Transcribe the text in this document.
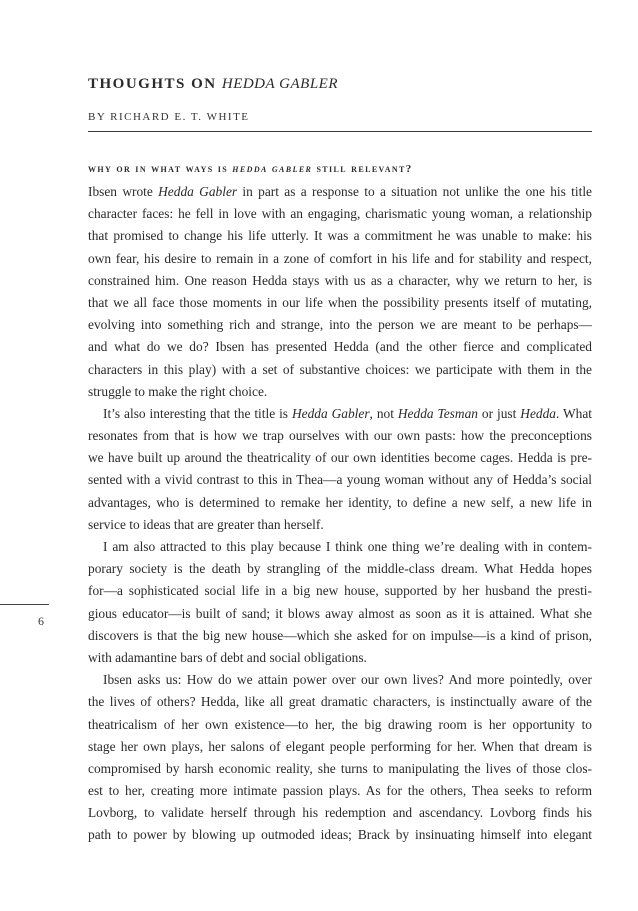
THOUGHTS ON HEDDA GABLER
BY RICHARD E. T. WHITE
why or in what ways is hedda gabler still relevant?
Ibsen wrote Hedda Gabler in part as a response to a situation not unlike the one his title
character faces: he fell in love with an engaging, charismatic young woman, a relationship
that promised to change his life utterly. It was a commitment he was unable to make: his
own fear, his desire to remain in a zone of comfort in his life and for stability and respect,
constrained him. One reason Hedda stays with us as a character, why we return to her, is
that we all face those moments in our life when the possibility presents itself of mutating,
evolving into something rich and strange, into the person we are meant to be perhaps—
and what do we do? Ibsen has presented Hedda (and the other fierce and complicated
characters in this play) with a set of substantive choices: we participate with them in the
struggle to make the right choice.
It’s also interesting that the title is Hedda Gabler, not Hedda Tesman or just Hedda. What
resonates from that is how we trap ourselves with our own pasts: how the preconceptions
we have built up around the theatricality of our own identities become cages. Hedda is pre-
sented with a vivid contrast to this in Thea—a young woman without any of Hedda’s social
advantages, who is determined to remake her identity, to define a new self, a new life in
service to ideas that are greater than herself.
I am also attracted to this play because I think one thing we’re dealing with in contem-
porary society is the death by strangling of the middle-class dream. What Hedda hopes
for—a sophisticated social life in a big new house, supported by her husband the presti-
gious educator—is built of sand; it blows away almost as soon as it is attained. What she
discovers is that the big new house—which she asked for on impulse—is a kind of prison,
with adamantine bars of debt and social obligations.
Ibsen asks us: How do we attain power over our own lives? And more pointedly, over
the lives of others? Hedda, like all great dramatic characters, is instinctually aware of the
theatricalism of her own existence—to her, the big drawing room is her opportunity to
stage her own plays, her salons of elegant people performing for her. When that dream is
compromised by harsh economic reality, she turns to manipulating the lives of those clos-
est to her, creating more intimate passion plays. As for the others, Thea seeks to reform
Lovborg, to validate herself through his redemption and ascendancy. Lovborg finds his
path to power by blowing up outmoded ideas; Brack by insinuating himself into elegant
6
